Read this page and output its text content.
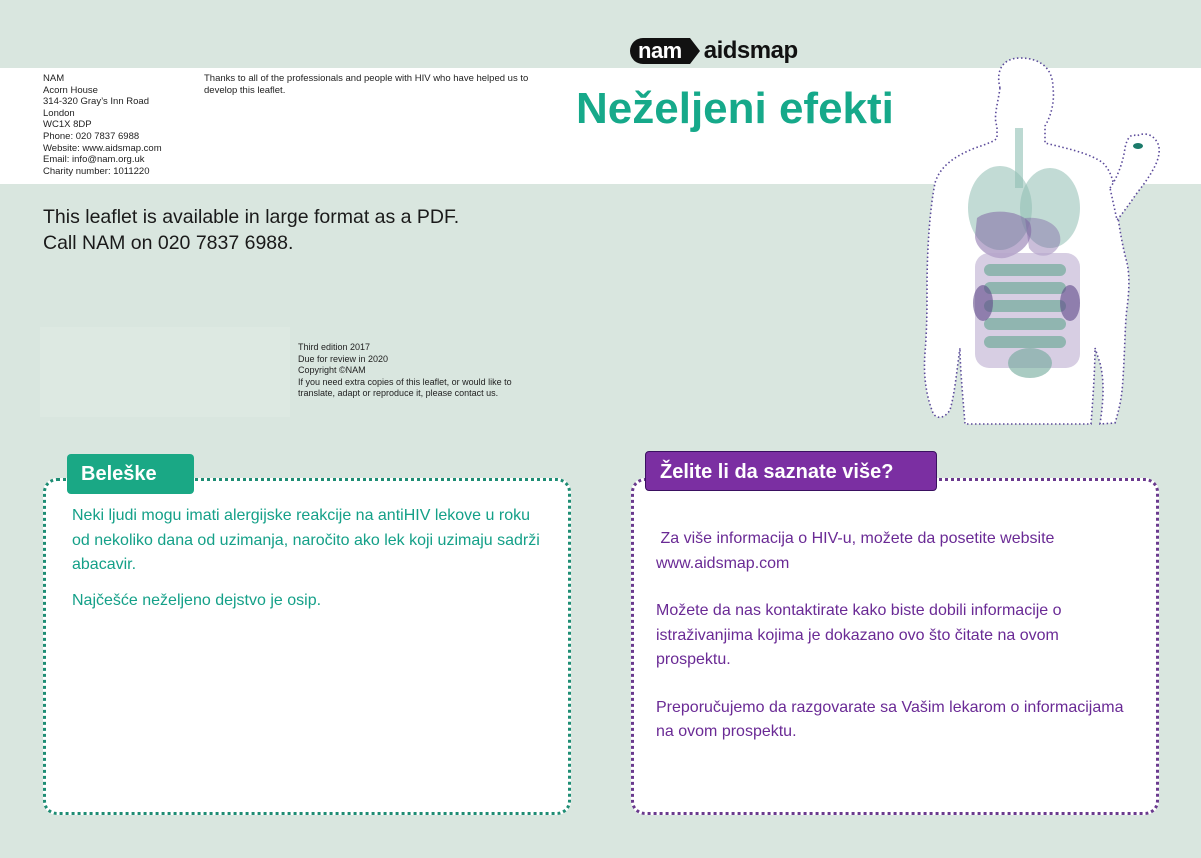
nam aidsmap
NAM
Acorn House
314-320 Gray’s Inn Road
London
WC1X 8DP
Phone: 020 7837 6988
Website: www.aidsmap.com
Email: info@nam.org.uk
Charity number: 1011220
Thanks to all of the professionals and people with HIV who have helped us to develop this leaflet.	Neželjeni efekti
This leaflet is available in large format as a PDF.
Call NAM on 020 7837 6988.
Third edition 2017
Due for review in 2020
Copyright ©NAM
If you need extra copies of this leaflet, or would like to
translate, adapt or reproduce it, please contact us.
Beleške

Neki ljudi mogu imati alergijske reakcije na antiHIV lekove u roku od nekoliko dana od uzimanja, naročito ako lek koji uzimaju sadrži abacavir.

Najčešće neželjeno dejstvo je osip.

Želite li da saznate više?

Za više informacija o HIV-u, možete da posetite website www.aidsmap.com

Možete da nas kontaktirate kako biste dobili informacije o istraživanjima kojima je dokazano ovo što čitate na ovom prospektu.

Preporučujemo da razgovarate sa Vašim lekarom o informacijama na ovom prospektu.
